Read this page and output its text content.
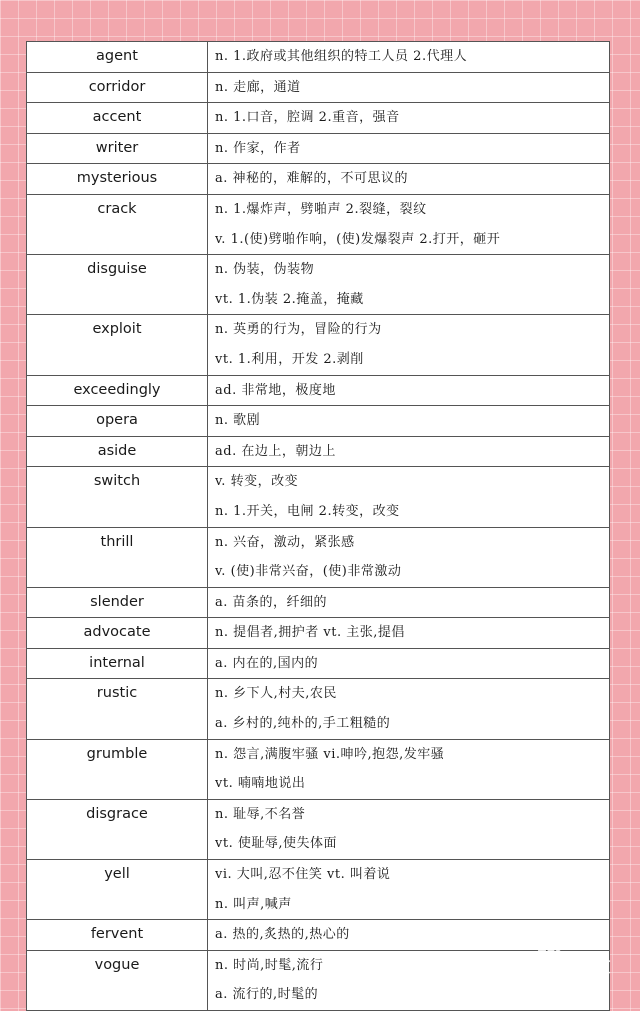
agent	n. 1.政府或其他组织的特工人员 2.代理人

corridor	n. 走廊，通道

accent	n. 1.口音，腔调 2.重音，强音

writer	n. 作家，作者

mysterious	a. 神秘的，难解的，不可思议的

crack	n. 1.爆炸声，劈啪声 2.裂缝，裂纹
v. 1.(使)劈啪作响，(使)发爆裂声 2.打开，砸开

disguise	n. 伪装，伪装物
vt. 1.伪装 2.掩盖，掩藏

exploit	n. 英勇的行为，冒险的行为
vt. 1.利用，开发 2.剥削

exceedingly	ad. 非常地，极度地

opera	n. 歌剧

aside	ad. 在边上，朝边上

switch	v. 转变，改变
n. 1.开关，电闸 2.转变，改变

thrill	n. 兴奋，激动，紧张感
v. (使)非常兴奋，(使)非常激动

slender	a. 苗条的，纤细的

advocate	n. 提倡者,拥护者 vt. 主张,提倡

internal	a. 内在的,国内的

rustic	n. 乡下人,村夫,农民
a. 乡村的,纯朴的,手工粗糙的

grumble	n. 怨言,满腹牢骚 vi.呻吟,抱怨,发牢骚
vt. 喃喃地说出

disgrace	n. 耻辱,不名誉
vt. 使耻辱,使失体面

yell	vi. 大叫,忍不住笑 vt. 叫着说
n. 叫声,喊声

fervent	a. 热的,炙热的,热心的

vogue	n. 时尚,时髦,流行
a. 流行的,时髦的
Baidu经验
jingyan.baidu.com
